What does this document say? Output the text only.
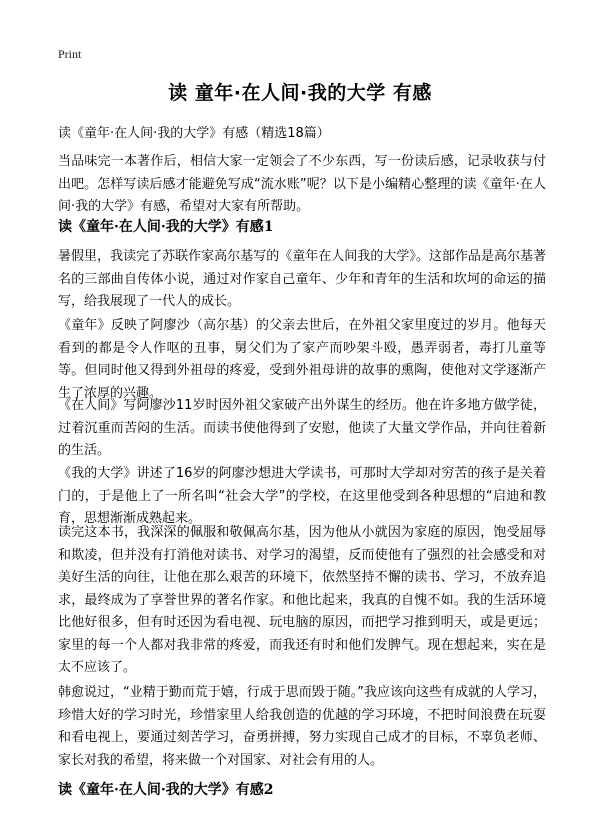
Print
读 童年·在人间·我的大学 有感

读《童年·在人间·我的大学》有感（精选18篇）

当品味完一本著作后，相信大家一定领会了不少东西，写一份读后感，记录收获与付出吧。怎样写读后感才能避免写成“流水账”呢？以下是小编精心整理的读《童年·在人间·我的大学》有感，希望对大家有所帮助。

读《童年·在人间·我的大学》有感1

暑假里，我读完了苏联作家高尔基写的《童年在人间我的大学》。这部作品是高尔基著名的三部曲自传体小说，通过对作家自己童年、少年和青年的生活和坎坷的命运的描写，给我展现了一代人的成长。

《童年》反映了阿廖沙（高尔基）的父亲去世后，在外祖父家里度过的岁月。他每天看到的都是令人作呕的丑事，舅父们为了家产而吵架斗殴，愚弄弱者，毒打儿童等等。但同时他又得到外祖母的疼爱，受到外祖母讲的故事的熏陶，使他对文学逐渐产生了浓厚的兴趣。

《在人间》写阿廖沙11岁时因外祖父家破产出外谋生的经历。他在许多地方做学徒，过着沉重而苦闷的生活。而读书使他得到了安慰，他读了大量文学作品，并向往着新的生活。

《我的大学》讲述了16岁的阿廖沙想进大学读书，可那时大学却对穷苦的孩子是关着门的，于是他上了一所名叫“社会大学”的学校，在这里他受到各种思想的“启迪和教育，思想渐渐成熟起来。

读完这本书，我深深的佩服和敬佩高尔基，因为他从小就因为家庭的原因，饱受屈辱和欺凌，但并没有打消他对读书、对学习的渴望，反而使他有了强烈的社会感受和对美好生活的向往，让他在那么艰苦的环境下，依然坚持不懈的读书、学习，不放弃追求，最终成为了享誉世界的著名作家。和他比起来，我真的自愧不如。我的生活环境比他好很多，但有时还因为看电视、玩电脑的原因，而把学习推到明天，或是更远；家里的每一个人都对我非常的疼爱，而我还有时和他们发脾气。现在想起来，实在是太不应该了。

韩愈说过，“业精于勤而荒于嬉，行成于思而毁于随。”我应该向这些有成就的人学习，珍惜大好的学习时光，珍惜家里人给我创造的优越的学习环境，不把时间浪费在玩耍和看电视上，要通过刻苦学习，奋勇拼搏，努力实现自己成才的目标，不辜负老师、家长对我的希望，将来做一个对国家、对社会有用的人。

读《童年·在人间·我的大学》有感2
